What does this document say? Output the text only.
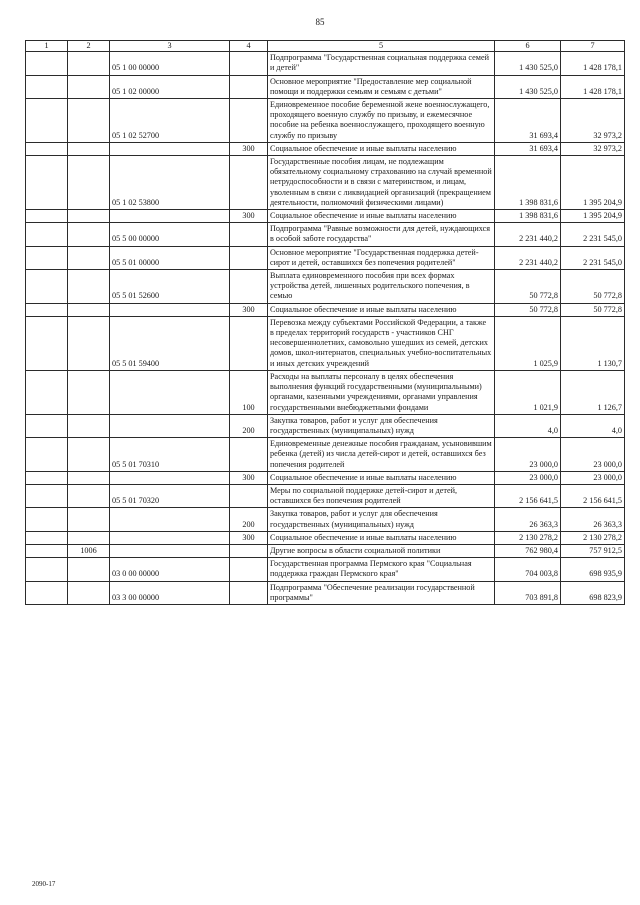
85
1	2	3	4	5	6	7
		05 1 00 00000		Подпрограмма "Государственная социальная поддержка семей и детей"	1 430 525,0	1 428 178,1
		05 1 02 00000		Основное мероприятие "Предоставление мер социальной помощи и поддержки семьям и семьям с детьми"	1 430 525,0	1 428 178,1
		05 1 02 52700		Единовременное пособие беременной жене военнослужащего, проходящего военную службу по призыву, и ежемесячное пособие на ребенка военнослужащего, проходящего военную службу по призыву	31 693,4	32 973,2
			300	Социальное обеспечение и иные выплаты населению	31 693,4	32 973,2
		05 1 02 53800		Государственные пособия лицам, не подлежащим обязательному социальному страхованию на случай временной нетрудоспособности и в связи с материнством, и лицам, уволенным в связи с ликвидацией организаций (прекращением деятельности, полномочий физическими лицами)	1 398 831,6	1 395 204,9
			300	Социальное обеспечение и иные выплаты населению	1 398 831,6	1 395 204,9
		05 5 00 00000		Подпрограмма "Равные возможности для детей, нуждающихся в особой заботе государства"	2 231 440,2	2 231 545,0
		05 5 01 00000		Основное мероприятие "Государственная поддержка детей-сирот и детей, оставшихся без попечения родителей"	2 231 440,2	2 231 545,0
		05 5 01 52600		Выплата единовременного пособия при всех формах устройства детей, лишенных родительского попечения, в семью	50 772,8	50 772,8
			300	Социальное обеспечение и иные выплаты населению	50 772,8	50 772,8
		05 5 01 59400		Перевозка между субъектами Российской Федерации, а также в пределах территорий государств - участников СНГ несовершеннолетних, самовольно ушедших из семей, детских домов, школ-интернатов, специальных учебно-воспитательных и иных детских учреждений	1 025,9	1 130,7
			100	Расходы на выплаты персоналу в целях обеспечения выполнения функций государственными (муниципальными) органами, казенными учреждениями, органами управления государственными внебюджетными фондами	1 021,9	1 126,7
			200	Закупка товаров, работ и услуг для обеспечения государственных (муниципальных) нужд	4,0	4,0
		05 5 01 70310		Единовременные денежные пособия гражданам, усыновившим ребенка (детей) из числа детей-сирот и детей, оставшихся без попечения родителей	23 000,0	23 000,0
			300	Социальное обеспечение и иные выплаты населению	23 000,0	23 000,0
		05 5 01 70320		Меры по социальной поддержке детей-сирот и детей, оставшихся без попечения родителей	2 156 641,5	2 156 641,5
			200	Закупка товаров, работ и услуг для обеспечения государственных (муниципальных) нужд	26 363,3	26 363,3
			300	Социальное обеспечение и иные выплаты населению	2 130 278,2	2 130 278,2
	1006			Другие вопросы в области социальной политики	762 980,4	757 912,5
		03 0 00 00000		Государственная программа Пермского края "Социальная поддержка граждан Пермского края"	704 003,8	698 935,9
		03 3 00 00000		Подпрограмма "Обеспечение реализации государственной программы"	703 891,8	698 823,9
2090-17
